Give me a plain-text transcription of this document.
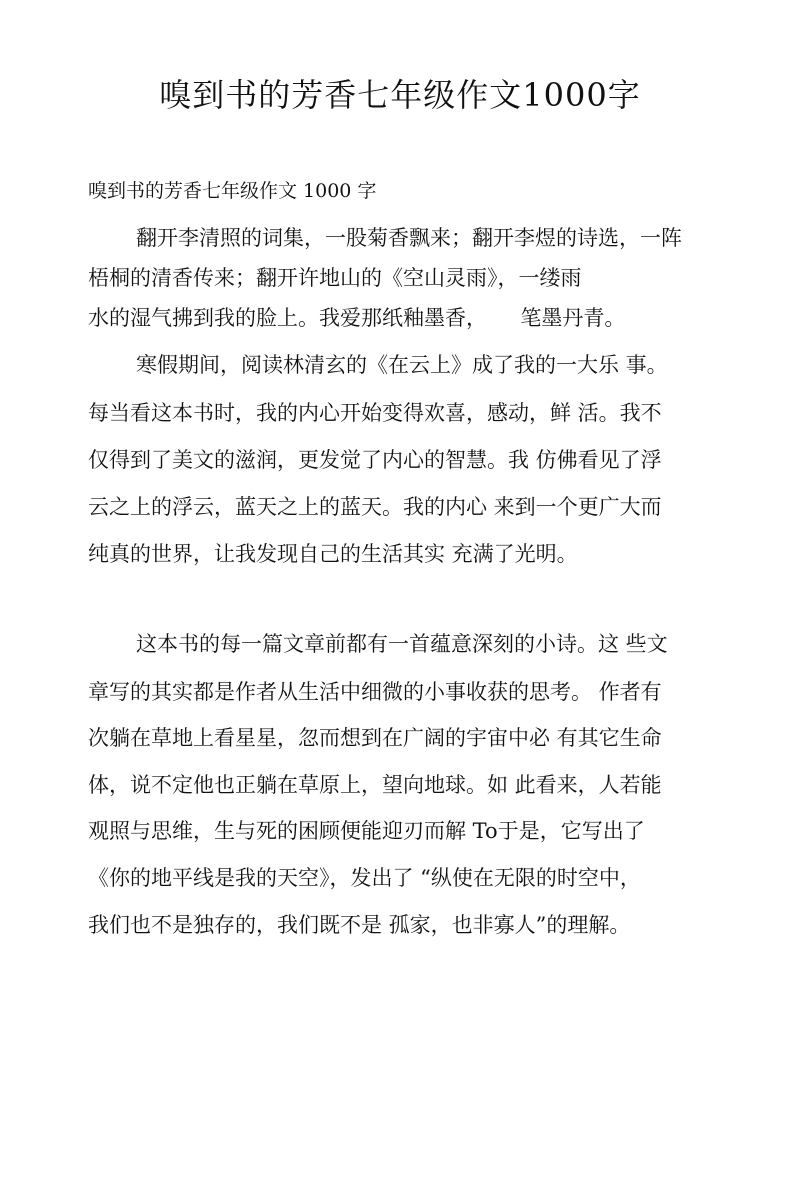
嗅到书的芳香七年级作文1000字
嗅到书的芳香七年级作文 1000 字
翻开李清照的词集，一股菊香飘来；翻开李煜的诗选，一阵
梧桐的清香传来；翻开许地山的《空山灵雨》，一缕雨
水的湿气拂到我的脸上。我爱那纸釉墨香，     笔墨丹青。
寒假期间，阅读林清玄的《在云上》成了我的一大乐 事。
每当看这本书时，我的内心开始变得欢喜，感动，鲜 活。我不
仅得到了美文的滋润，更发觉了内心的智慧。我 仿佛看见了浮
云之上的浮云，蓝天之上的蓝天。我的内心 来到一个更广大而
纯真的世界，让我发现自己的生活其实 充满了光明。
这本书的每一篇文章前都有一首蕴意深刻的小诗。这 些文
章写的其实都是作者从生活中细微的小事收获的思考。 作者有
次躺在草地上看星星，忽而想到在广阔的宇宙中必 有其它生命
体，说不定他也正躺在草原上，望向地球。如 此看来，人若能
观照与思维，生与死的困顾便能迎刃而解 To于是，它写出了
《你的地平线是我的天空》，发出了 “纵使在无限的时空中，
我们也不是独存的，我们既不是 孤家，也非寡人”的理解。
